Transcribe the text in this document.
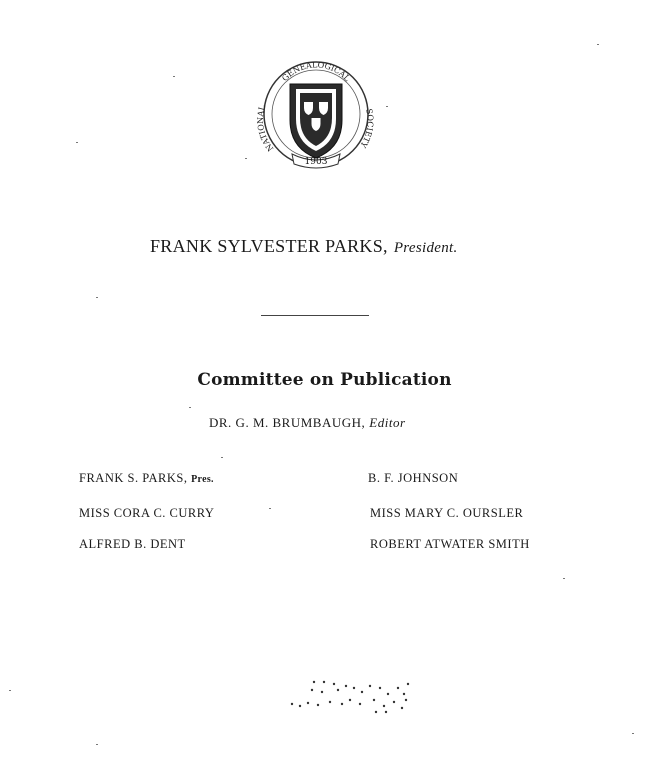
GENEALOGICAL
NATIONAL	SOCIETY
1903
FRANK SYLVESTER PARKS, President.
Committee on Publication
DR. G. M. BRUMBAUGH, Editor
FRANK S. PARKS, Pres.
MISS CORA C. CURRY
ALFRED B. DENT
B. F. JOHNSON
MISS MARY C. OURSLER
ROBERT ATWATER SMITH
